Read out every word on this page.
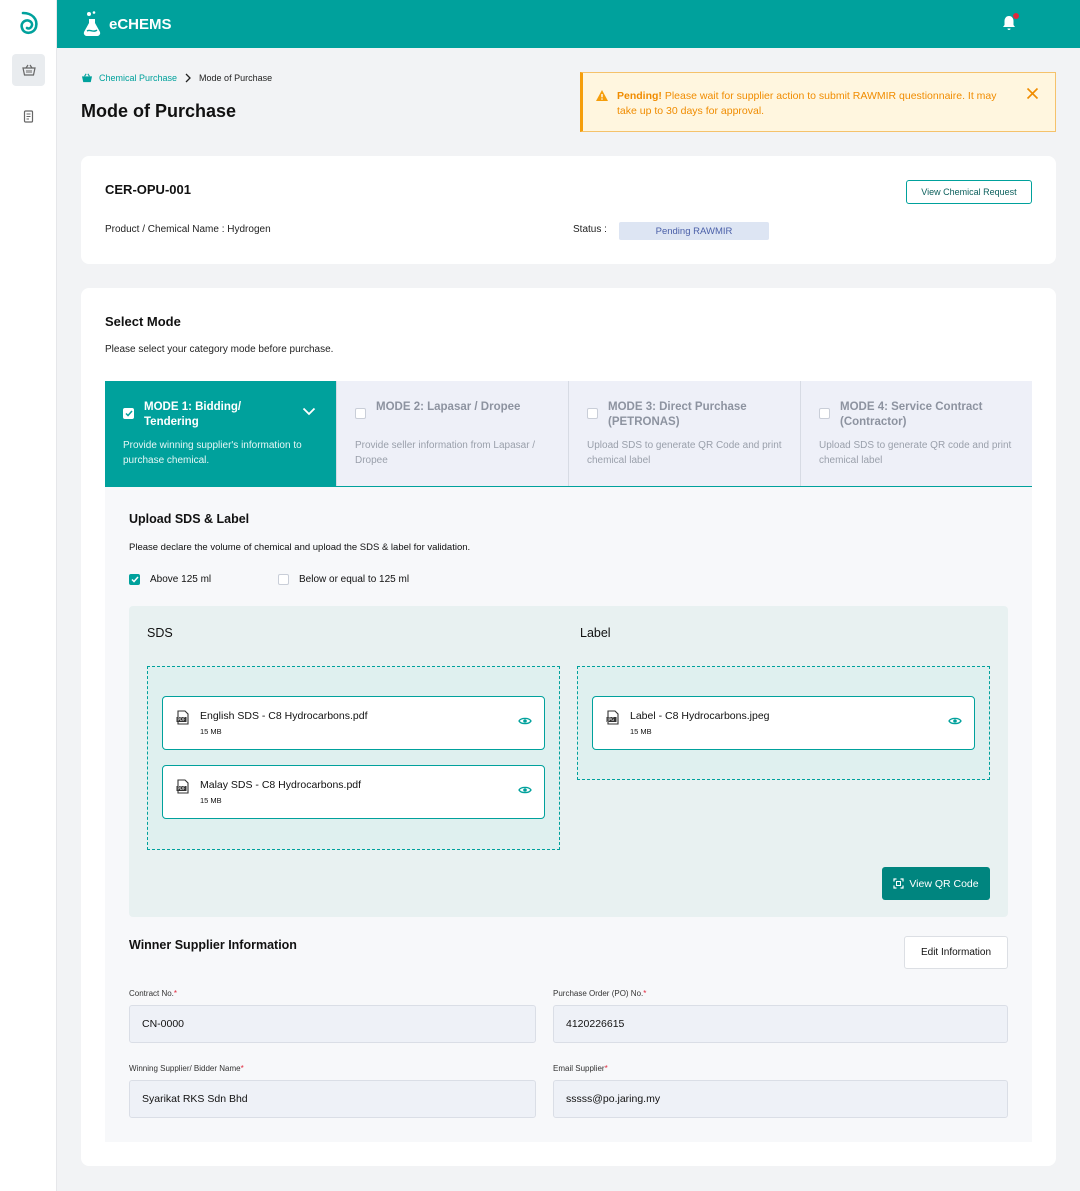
eCHEMS
Chemical Purchase Mode of Purchase
Mode of Purchase
Pending! Please wait for supplier action to submit RAWMIR questionnaire. It may take up to 30 days for approval.
CER-OPU-001	View Chemical Request
Product / Chemical Name : Hydrogen	Status :	Pending RAWMIR
Select Mode
Please select your category mode before purchase.
MODE 1: Bidding/ Tendering
Provide winning supplier's information to purchase chemical.
MODE 2: Lapasar / Dropee
Provide seller information from Lapasar / Dropee
MODE 3: Direct Purchase (PETRONAS)
Upload SDS to generate QR Code and print chemical label
MODE 4: Service Contract (Contractor)
Upload SDS to generate QR code and print chemical label
Upload SDS & Label
Please declare the volume of chemical and upload the SDS & label for validation.
Above 125 ml	Below or equal to 125 ml
SDS	Label
PDF English SDS - C8 Hydrocarbons.pdf
15 MB
PDF Malay SDS - C8 Hydrocarbons.pdf
15 MB
JPG Label - C8 Hydrocarbons.jpeg
15 MB
View QR Code
Winner Supplier Information
Edit Information
Contract No.*
CN-0000	Purchase Order (PO) No.*
4120226615
Winning Supplier/ Bidder Name*
Syarikat RKS Sdn Bhd	Email Supplier*
sssss@po.jaring.my
